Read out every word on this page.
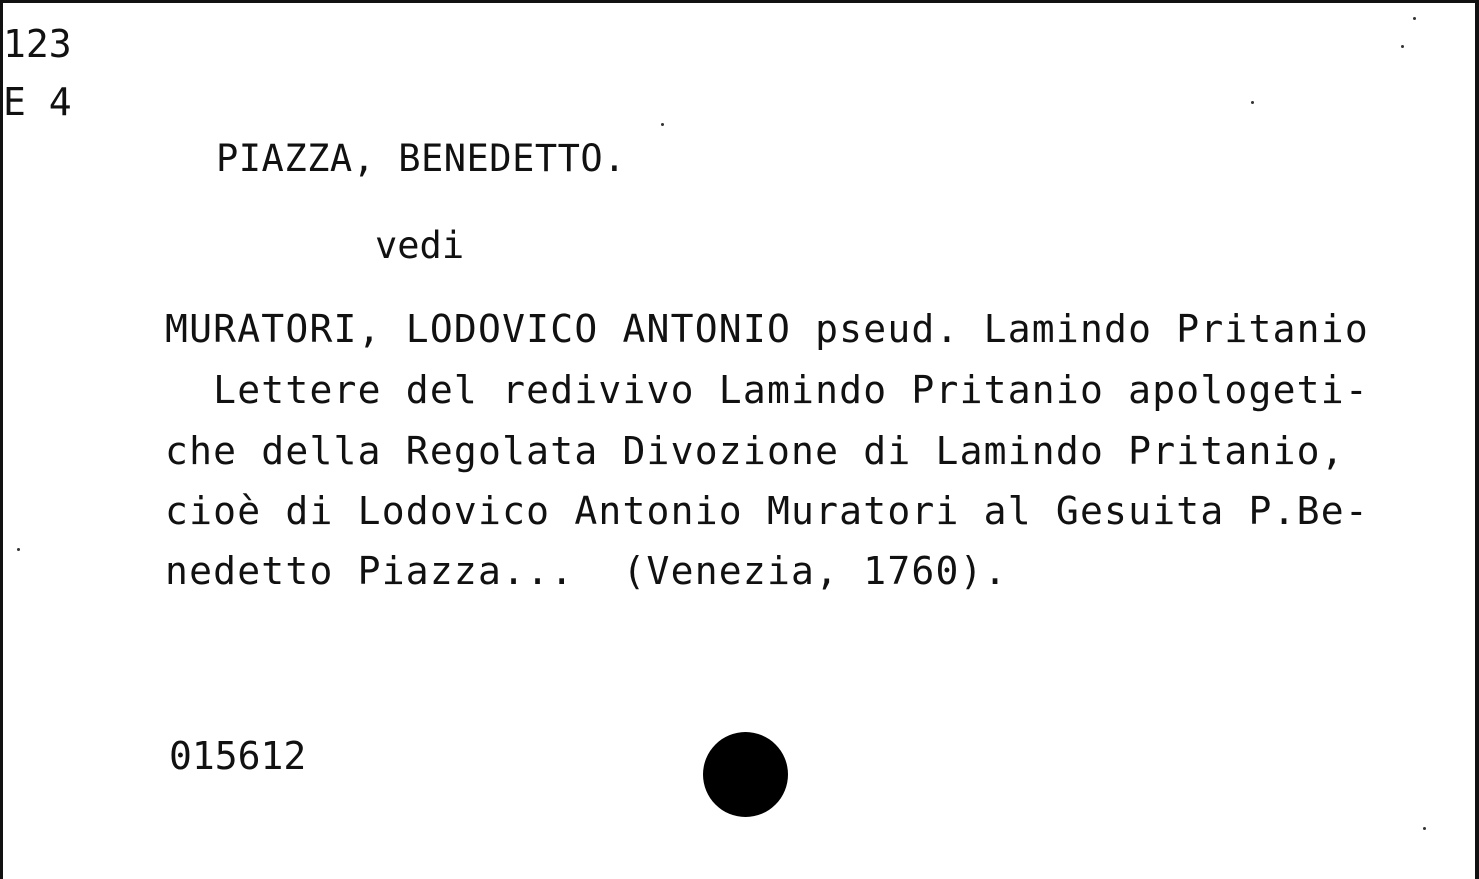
123
E 4
PIAZZA, BENEDETTO.
vedi
MURATORI, LODOVICO ANTONIO pseud. Lamindo Pritanio
Lettere del redivivo Lamindo Pritanio apologeti-
che della Regolata Divozione di Lamindo Pritanio,
cioè di Lodovico Antonio Muratori al Gesuita P.Be-
nedetto Piazza...  (Venezia, 1760).
015612
